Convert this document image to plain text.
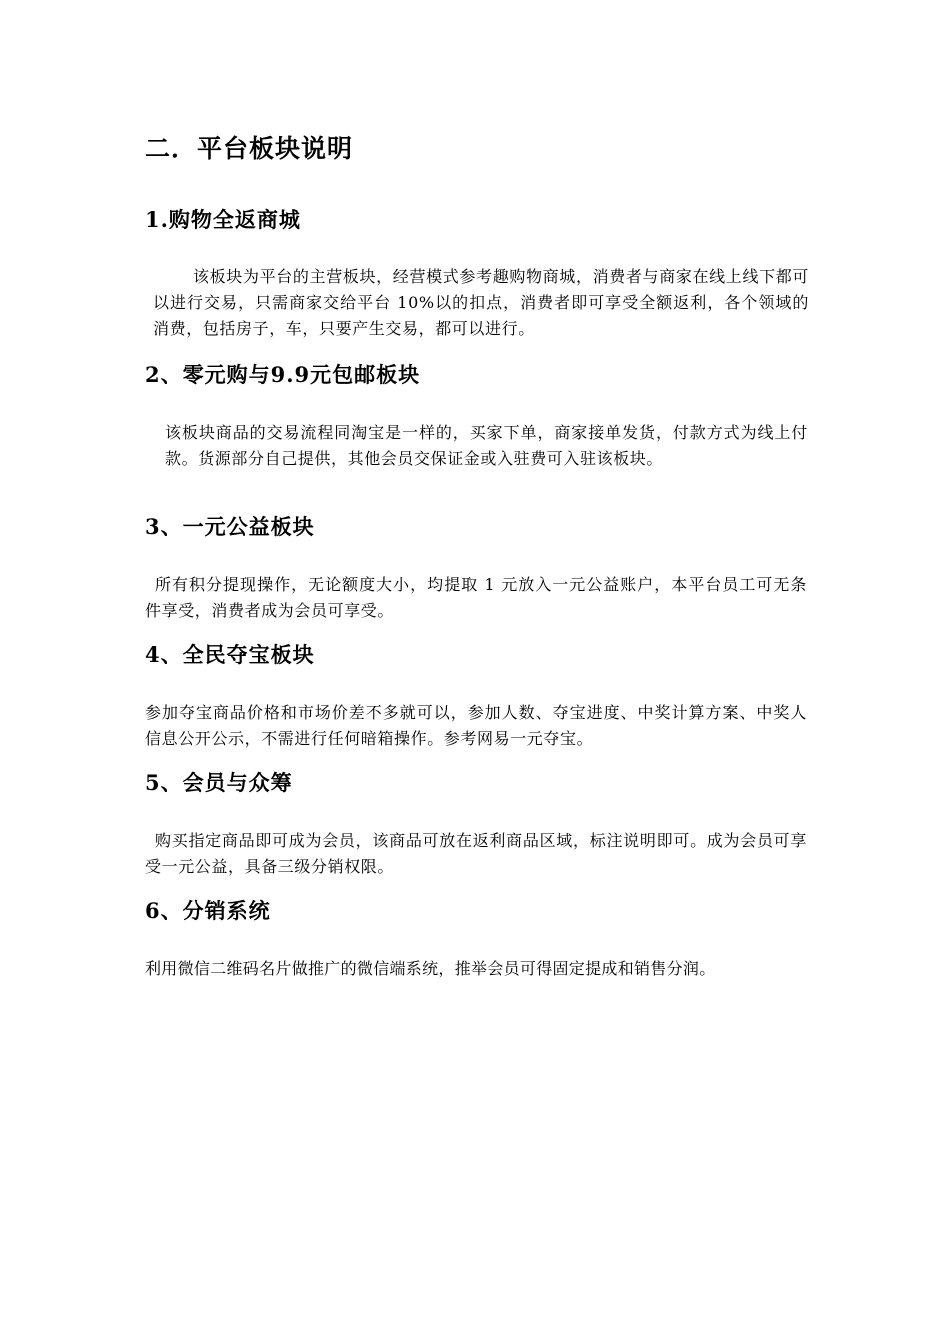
二．平台板块说明
1.购物全返商城

该板块为平台的主营板块，经营模式参考趣购物商城，消费者与商家在线上线下都可以进行交易，只需商家交给平台 10%以的扣点，消费者即可享受全额返利，各个领域的消费，包括房子，车，只要产生交易，都可以进行。

2、零元购与9.9元包邮板块

该板块商品的交易流程同淘宝是一样的，买家下单，商家接单发货，付款方式为线上付款。货源部分自己提供，其他会员交保证金或入驻费可入驻该板块。

3、一元公益板块

所有积分提现操作，无论额度大小，均提取 1 元放入一元公益账户，本平台员工可无条件享受，消费者成为会员可享受。

4、全民夺宝板块

参加夺宝商品价格和市场价差不多就可以，参加人数、夺宝进度、中奖计算方案、中奖人信息公开公示，不需进行任何暗箱操作。参考网易一元夺宝。

5、会员与众筹

购买指定商品即可成为会员，该商品可放在返利商品区域，标注说明即可。成为会员可享受一元公益，具备三级分销权限。

6、分销系统

利用微信二维码名片做推广的微信端系统，推举会员可得固定提成和销售分润。
